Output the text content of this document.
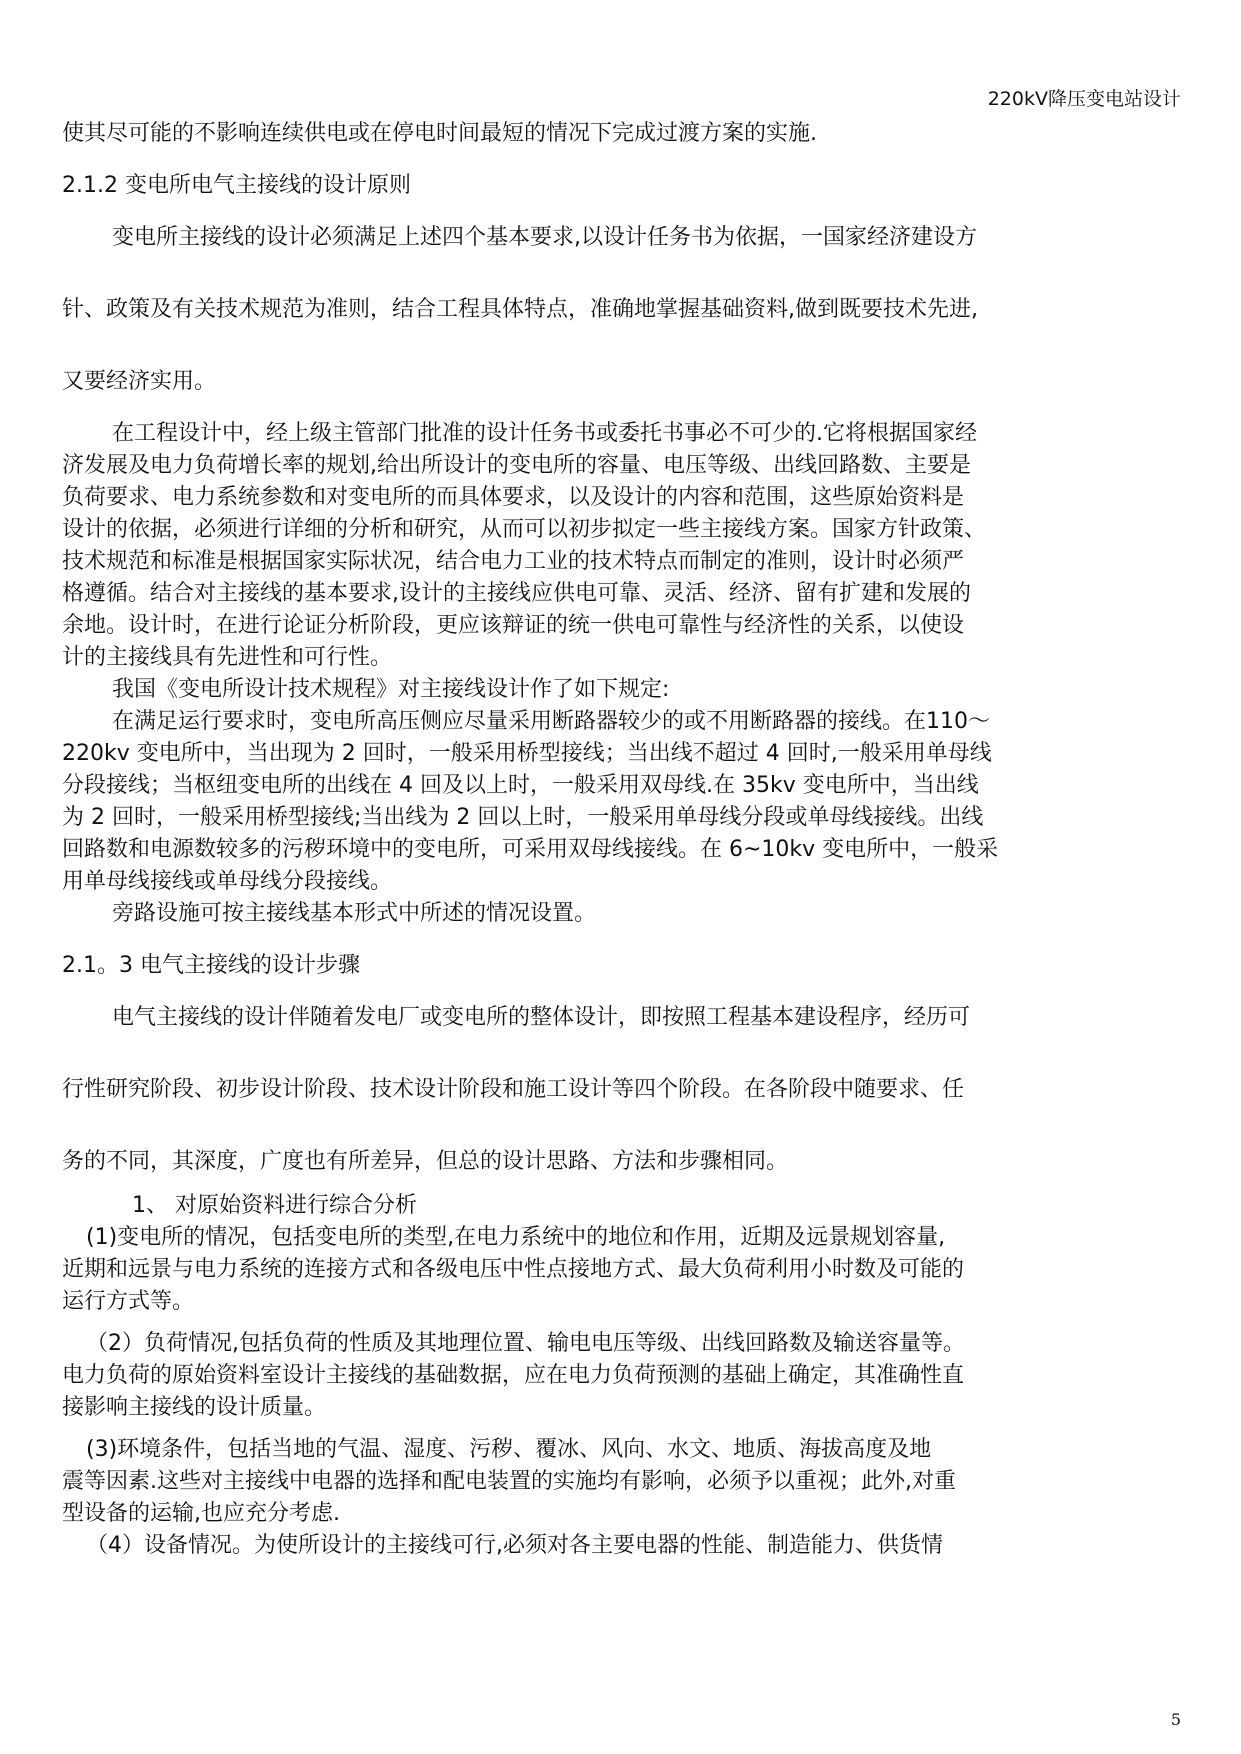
220kV降压变电站设计
使其尽可能的不影响连续供电或在停电时间最短的情况下完成过渡方案的实施.
2.1.2 变电所电气主接线的设计原则
变电所主接线的设计必须满足上述四个基本要求,以设计任务书为依据，一国家经济建设方
针、政策及有关技术规范为准则，结合工程具体特点，准确地掌握基础资料,做到既要技术先进,
又要经济实用。
在工程设计中，经上级主管部门批准的设计任务书或委托书事必不可少的.它将根据国家经
济发展及电力负荷增长率的规划,给出所设计的变电所的容量、电压等级、出线回路数、主要是
负荷要求、电力系统参数和对变电所的而具体要求，以及设计的内容和范围，这些原始资料是
设计的依据，必须进行详细的分析和研究，从而可以初步拟定一些主接线方案。国家方针政策、
技术规范和标准是根据国家实际状况，结合电力工业的技术特点而制定的准则，设计时必须严
格遵循。结合对主接线的基本要求,设计的主接线应供电可靠、灵活、经济、留有扩建和发展的
余地。设计时，在进行论证分析阶段，更应该辩证的统一供电可靠性与经济性的关系，以使设
计的主接线具有先进性和可行性。
我国《变电所设计技术规程》对主接线设计作了如下规定:
在满足运行要求时，变电所高压侧应尽量采用断路器较少的或不用断路器的接线。在110～
220kv 变电所中，当出现为 2 回时，一般采用桥型接线；当出线不超过 4 回时,一般采用单母线
分段接线；当枢纽变电所的出线在 4 回及以上时，一般采用双母线.在 35kv 变电所中，当出线
为 2 回时，一般采用桥型接线;当出线为 2 回以上时，一般采用单母线分段或单母线接线。出线
回路数和电源数较多的污秽环境中的变电所，可采用双母线接线。在 6~10kv 变电所中，一般采
用单母线接线或单母线分段接线。
旁路设施可按主接线基本形式中所述的情况设置。
2.1。3 电气主接线的设计步骤
电气主接线的设计伴随着发电厂或变电所的整体设计，即按照工程基本建设程序，经历可
行性研究阶段、初步设计阶段、技术设计阶段和施工设计等四个阶段。在各阶段中随要求、任
务的不同，其深度，广度也有所差异，但总的设计思路、方法和步骤相同。
1、 对原始资料进行综合分析
(1)变电所的情况，包括变电所的类型,在电力系统中的地位和作用，近期及远景规划容量,
近期和远景与电力系统的连接方式和各级电压中性点接地方式、最大负荷利用小时数及可能的
运行方式等。
（2）负荷情况,包括负荷的性质及其地理位置、输电电压等级、出线回路数及输送容量等。
电力负荷的原始资料室设计主接线的基础数据，应在电力负荷预测的基础上确定，其准确性直
接影响主接线的设计质量。
(3)环境条件，包括当地的气温、湿度、污秽、覆冰、风向、水文、地质、海拔高度及地
震等因素.这些对主接线中电器的选择和配电装置的实施均有影响，必须予以重视；此外,对重
型设备的运输,也应充分考虑.
（4）设备情况。为使所设计的主接线可行,必须对各主要电器的性能、制造能力、供货情
5
